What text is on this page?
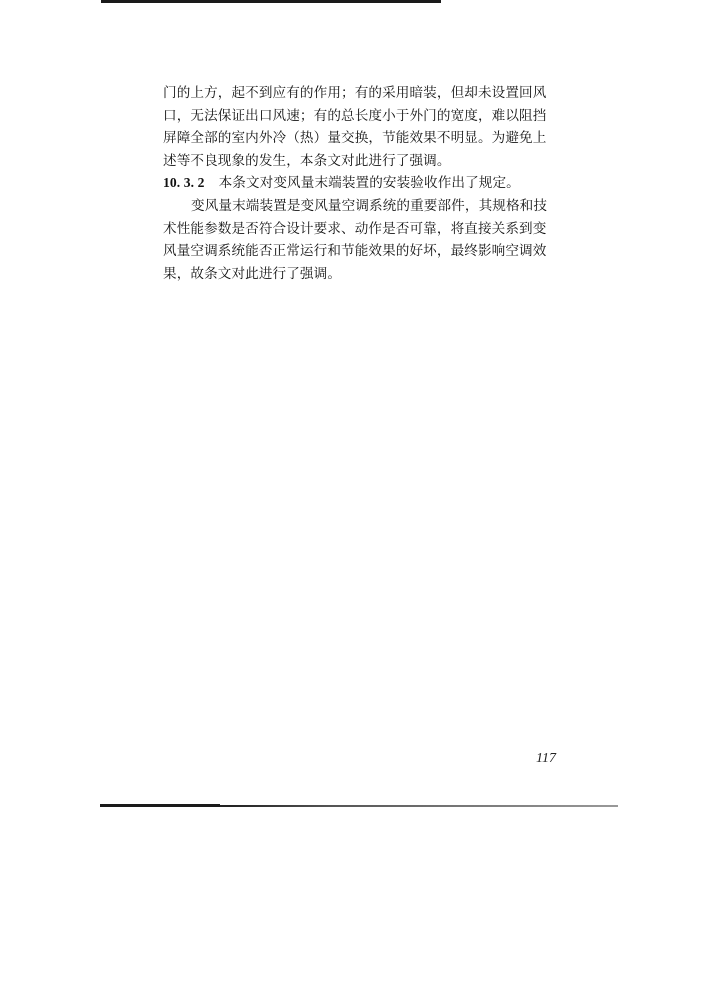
门的上方，起不到应有的作用；有的采用暗装，但却未设置回风
口，无法保证出口风速；有的总长度小于外门的宽度，难以阻挡
屏障全部的室内外冷（热）量交换，节能效果不明显。为避免上
述等不良现象的发生，本条文对此进行了强调。
10. 3. 2 本条文对变风量末端装置的安装验收作出了规定。
变风量末端装置是变风量空调系统的重要部件，其规格和技
术性能参数是否符合设计要求、动作是否可靠，将直接关系到变
风量空调系统能否正常运行和节能效果的好坏，最终影响空调效
果，故条文对此进行了强调。
117
